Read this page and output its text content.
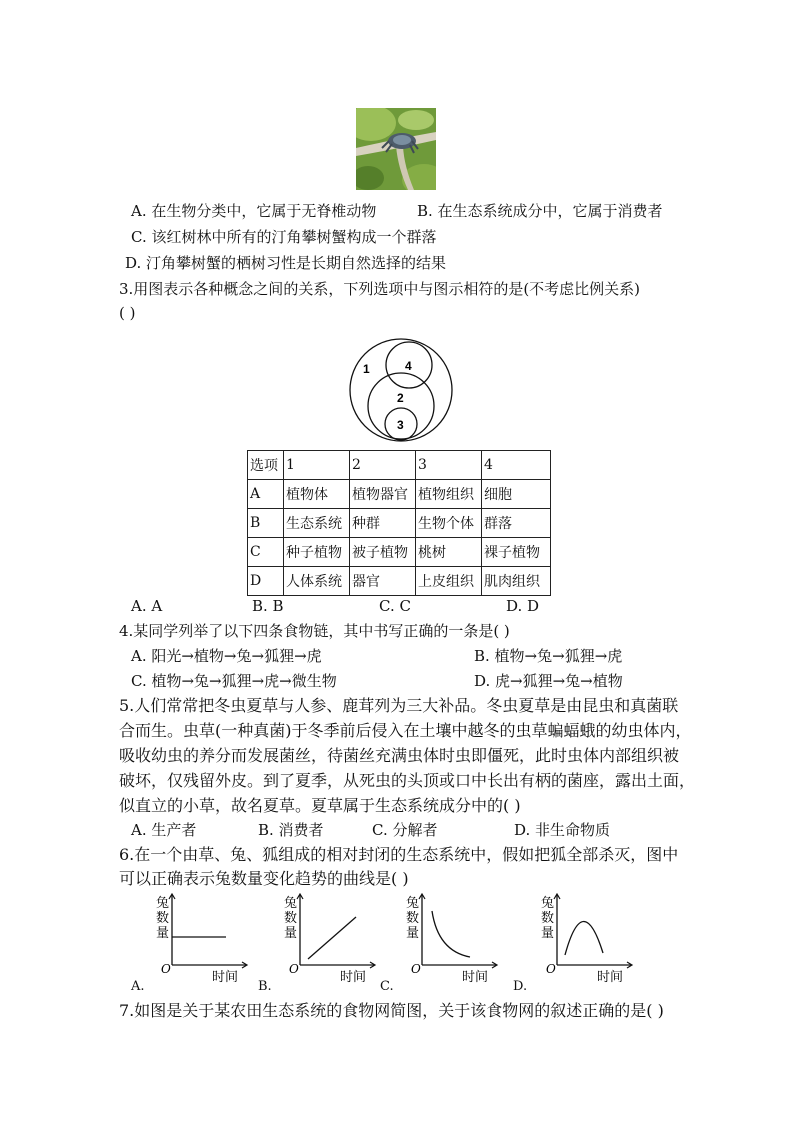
A. 在生物分类中，它属于无脊椎动物	B. 在生态系统成分中，它属于消费者
C. 该红树林中所有的汀角攀树蟹构成一个群落
D. 汀角攀树蟹的栖树习性是长期自然选择的结果
3.用图表示各种概念之间的关系，下列选项中与图示相符的是(不考虑比例关系)
( )
1	4
2
3
选项	1	2	3	4
A	植物体	植物器官	植物组织	细胞
B	生态系统	种群	生物个体	群落
C	种子植物	被子植物	桃树	裸子植物
D	人体系统	器官	上皮组织	肌肉组织
A. A	B. B	C. C	D. D
4.某同学列举了以下四条食物链，其中书写正确的一条是( )
A. 阳光→植物→兔→狐狸→虎	B. 植物→兔→狐狸→虎
C. 植物→兔→狐狸→虎→微生物	D. 虎→狐狸→兔→植物
5.人们常常把冬虫夏草与人参、鹿茸列为三大补品。冬虫夏草是由昆虫和真菌联
合而生。虫草(一种真菌)于冬季前后侵入在土壤中越冬的虫草蝙蝠蛾的幼虫体内，
吸收幼虫的养分而发展菌丝，待菌丝充满虫体时虫即僵死，此时虫体内部组织被
破坏，仅残留外皮。到了夏季，从死虫的头顶或口中长出有柄的菌座，露出土面，
似直立的小草，故名夏草。夏草属于生态系统成分中的( )
A. 生产者	B. 消费者	C. 分解者	D. 非生命物质
6.在一个由草、兔、狐组成的相对封闭的生态系统中，假如把狐全部杀灭，图中
可以正确表示兔数量变化趋势的曲线是( )
兔
数
量
O
时间
A.
兔
数
量
O
时间
B.
兔
数
量
O
时间
C.
兔
数
量
O
时间
D.
7.如图是关于某农田生态系统的食物网简图，关于该食物网的叙述正确的是( )
